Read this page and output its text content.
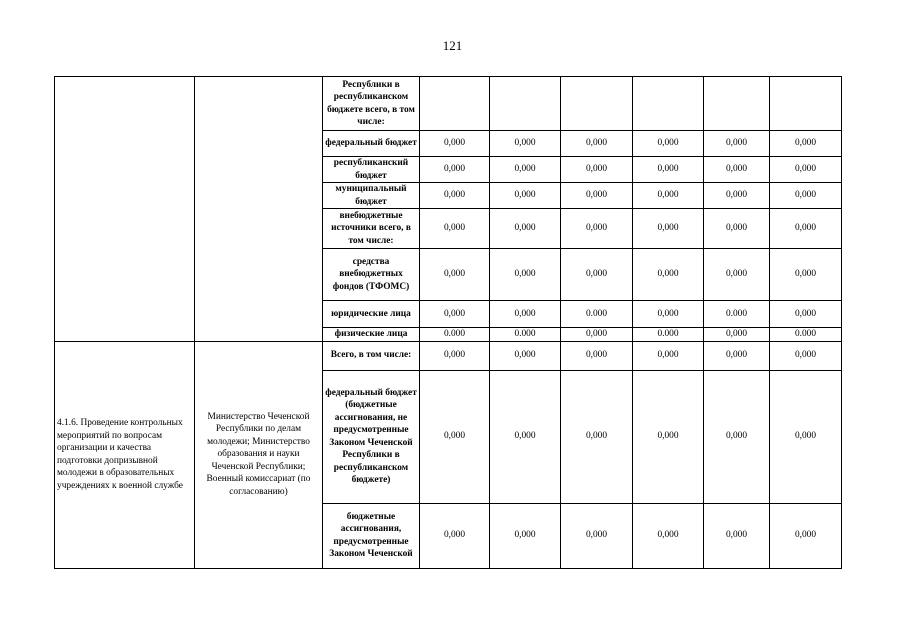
121
		Республики в республиканском бюджете всего, в том числе:						
		федеральный бюджет	0,000	0,000	0,000	0,000	0,000	0,000
		республиканский бюджет	0,000	0,000	0,000	0,000	0,000	0,000
		муниципальный бюджет	0,000	0,000	0,000	0,000	0,000	0,000
		внебюджетные источники всего, в том числе:	0,000	0,000	0,000	0,000	0,000	0,000
		средства внебюджетных фондов (ТФОМС)	0,000	0,000	0,000	0,000	0,000	0,000
		юридические лица	0,000	0,000	0.000	0,000	0.000	0,000
		физические лица	0.000	0.000	0,000	0.000	0,000	0.000
4.1.6. Проведение контрольных мероприятий по вопросам организации и качества подготовки допризывной молодежи в образовательных учреждениях к военной службе	Министерство Чеченской Республики по делам молодежи; Министерство образования и науки Чеченской Республики; Военный комиссариат (по согласованию)	Всего, в том числе:	0,000	0,000	0,000	0,000	0,000	0,000
		федеральный бюджет (бюджетные ассигнования, не предусмотренные Законом Чеченской Республики в республиканском бюджете)	0,000	0,000	0,000	0,000	0,000	0,000
		бюджетные ассигнования, предусмотренные Законом Чеченской	0,000	0,000	0,000	0,000	0,000	0,000
